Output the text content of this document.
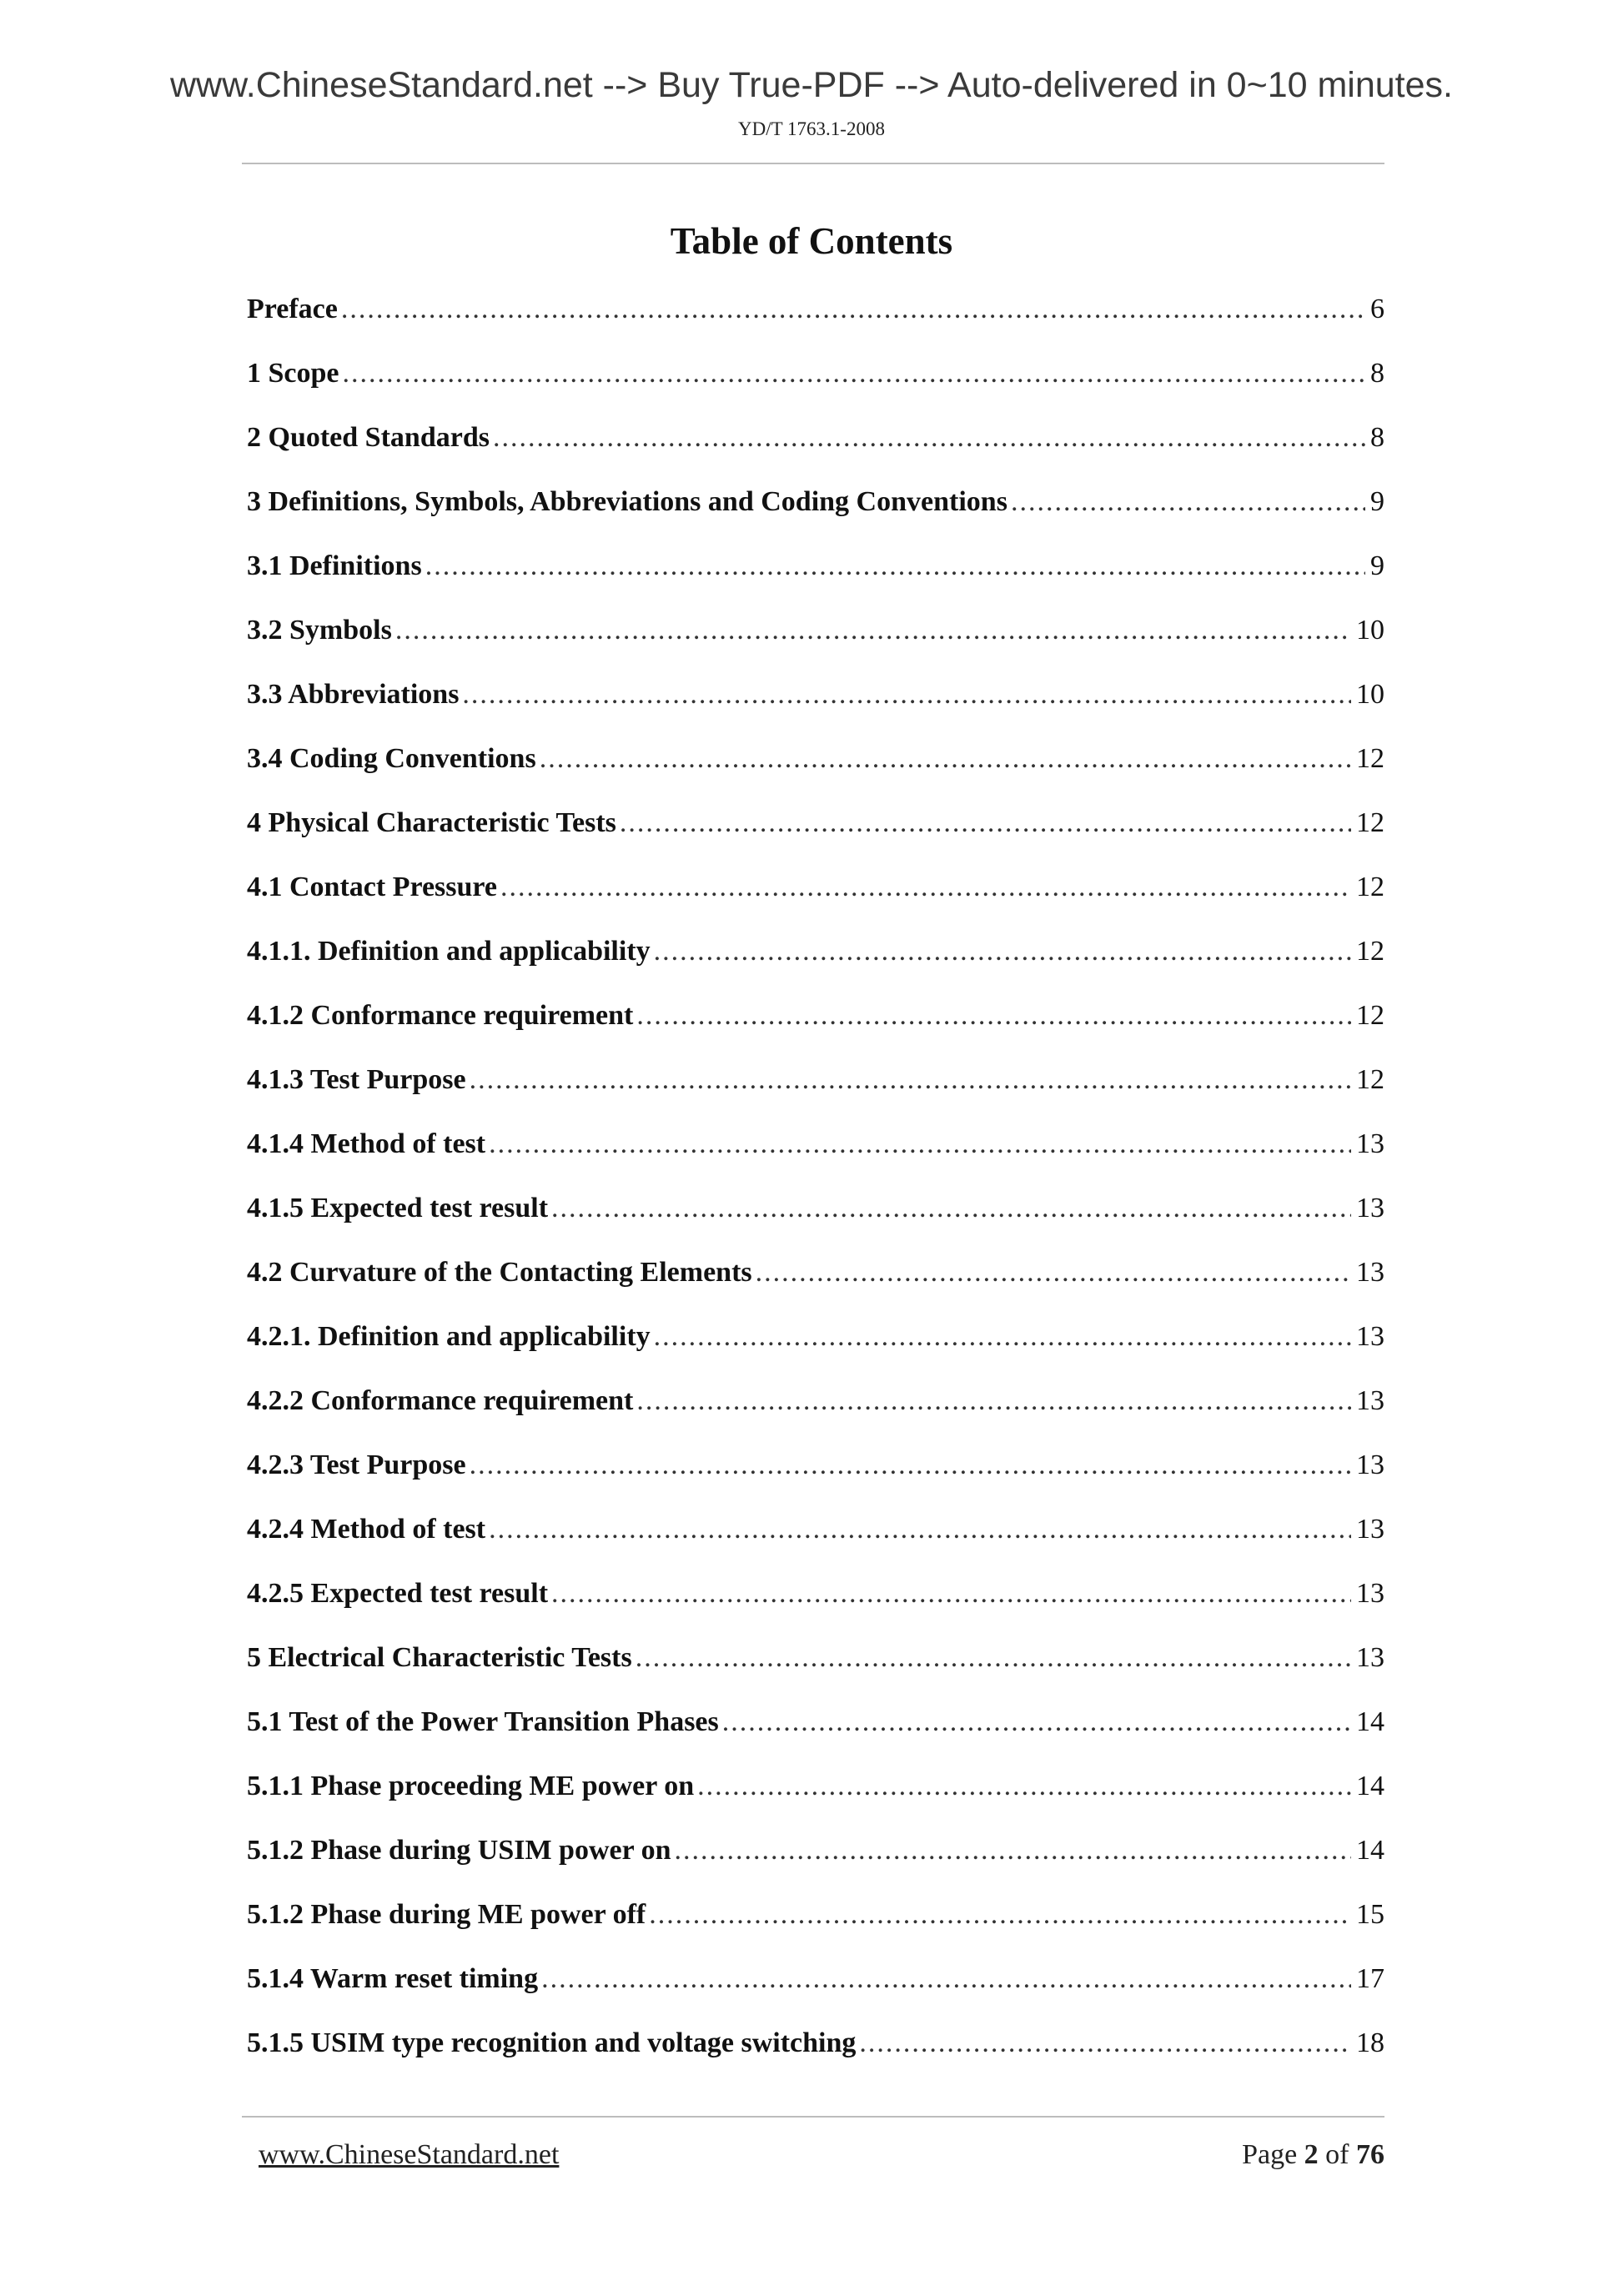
www.ChineseStandard.net --> Buy True-PDF --> Auto-delivered in 0~10 minutes.
YD/T 1763.1-2008
Table of Contents
Preface .....	6
1 Scope .....	8
2 Quoted Standards .....	8
3 Definitions, Symbols, Abbreviations and Coding Conventions .....	9
3.1 Definitions .....	9
3.2 Symbols .....	10
3.3 Abbreviations .....	10
3.4 Coding Conventions .....	12
4 Physical Characteristic Tests .....	12
4.1 Contact Pressure .....	12
4.1.1. Definition and applicability .....	12
4.1.2 Conformance requirement .....	12
4.1.3 Test Purpose .....	12
4.1.4 Method of test .....	13
4.1.5 Expected test result .....	13
4.2 Curvature of the Contacting Elements .....	13
4.2.1. Definition and applicability .....	13
4.2.2 Conformance requirement .....	13
4.2.3 Test Purpose .....	13
4.2.4 Method of test .....	13
4.2.5 Expected test result .....	13
5 Electrical Characteristic Tests .....	13
5.1 Test of the Power Transition Phases .....	14
5.1.1 Phase proceeding ME power on .....	14
5.1.2 Phase during USIM power on .....	14
5.1.2 Phase during ME power off .....	15
5.1.4 Warm reset timing .....	17
5.1.5 USIM type recognition and voltage switching .....	18
www.ChineseStandard.net	Page 2 of 76
